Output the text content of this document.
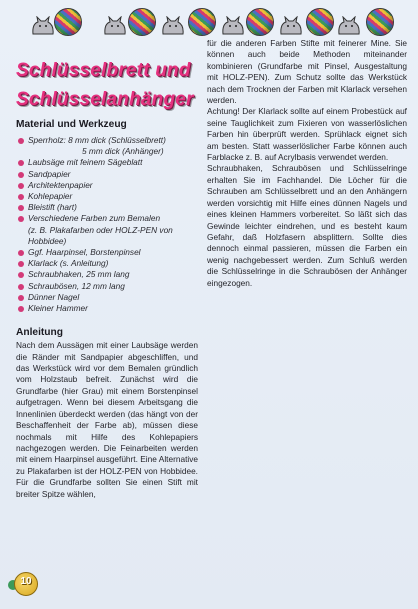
Schlüsselbrett und
Schlüsselanhänger
Material und Werkzeug
Sperrholz: 8 mm dick (Schlüsselbrett)
5 mm dick (Anhänger)
Laubsäge mit feinem Sägeblatt
Sandpapier
Architektenpapier
Kohlepapier
Bleistift (hart)
Verschiedene Farben zum Bemalen
(z. B. Plakafarben oder HOLZ-PEN von
Hobbidee)
Ggf. Haarpinsel, Borstenpinsel
Klarlack (s. Anleitung)
Schraubhaken, 25 mm lang
Schraubösen, 12 mm lang
Dünner Nagel
Kleiner Hammer
Anleitung

Nach dem Aussägen mit einer Laubsäge werden die Ränder mit Sandpapier abgeschliffen, und das Werkstück wird vor dem Bemalen gründlich vom Holzstaub befreit. Zunächst wird die Grundfarbe (hier Grau) mit einem Borstenpinsel aufgetragen. Wenn bei diesem Arbeitsgang die Innenlinien überdeckt werden (das hängt von der Beschaffenheit der Farbe ab), müssen diese nochmals mit Hilfe des Kohlepapiers nachgezogen werden. Die Feinarbeiten werden mit einem Haarpinsel ausgeführt. Eine Alternative zu Plakafarben ist der HOLZ-PEN von Hobbidee. Für die Grundfarbe sollten Sie einen Stift mit breiter Spitze wählen,

für die anderen Farben Stifte mit feinerer Mine. Sie können auch beide Methoden miteinander kombinieren (Grundfarbe mit Pinsel, Ausgestaltung mit HOLZ-PEN). Zum Schutz sollte das Werkstück nach dem Trocknen der Farben mit Klarlack versehen werden.

Achtung! Der Klarlack sollte auf einem Probestück auf seine Tauglichkeit zum Fixieren von wasserlöslichen Farben hin überprüft werden. Sprühlack eignet sich am besten. Statt wasserlöslicher Farbe können auch Farblacke z. B. auf Acrylbasis verwendet werden.

Schraubhaken, Schraubösen und Schlüsselringe erhalten Sie im Fachhandel. Die Löcher für die Schrauben am Schlüsselbrett und an den Anhängern werden vorsichtig mit Hilfe eines dünnen Nagels und eines kleinen Hammers vorbereitet. So läßt sich das Gewinde leichter eindrehen, und es besteht kaum Gefahr, daß Holzfasern absplittern. Sollte dies dennoch einmal passieren, müssen die Farben ein wenig nachgebessert werden. Zum Schluß werden die Schlüsselringe in die Schraubösen der Anhänger eingezogen.

10
